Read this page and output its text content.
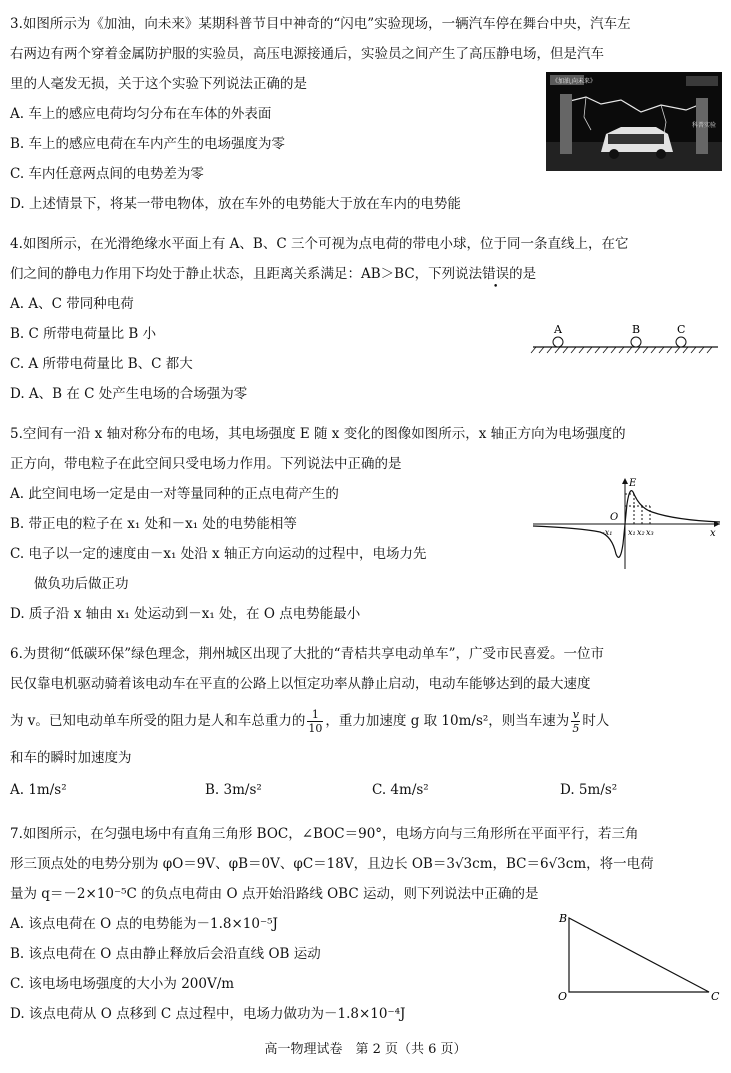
3.如图所示为《加油，向未来》某期科普节目中神奇的“闪电”实验现场，一辆汽车停在舞台中央，汽车左
右两边有两个穿着金属防护服的实验员，高压电源接通后，实验员之间产生了高压静电场，但是汽车
里的人毫发无损，关于这个实验下列说法正确的是
A. 车上的感应电荷均匀分布在车体的外表面
B. 车上的感应电荷在车内产生的电场强度为零
C. 车内任意两点间的电势差为零
D. 上述情景下，将某一带电物体，放在车外的电势能大于放在车内的电势能
《加油,向未来》
科普实验
4.如图所示，在光滑绝缘水平面上有 A、B、C 三个可视为点电荷的带电小球，位于同一条直线上，在它
们之间的静电力作用下均处于静止状态，且距离关系满足：AB＞BC，下列说法错误的是
A. A、C 带同种电荷
B. C 所带电荷量比 B 小
C. A 所带电荷量比 B、C 都大
D. A、B 在 C 处产生电场的合场强为零
A	B	C
5.空间有一沿 x 轴对称分布的电场，其电场强度 E 随 x 变化的图像如图所示，x 轴正方向为电场强度的
正方向，带电粒子在此空间只受电场力作用。下列说法中正确的是
A. 此空间电场一定是由一对等量同种的正点电荷产生的
B. 带正电的粒子在 x₁ 处和－x₁ 处的电势能相等
C. 电子以一定的速度由－x₁ 处沿 x 轴正方向运动的过程中，电场力先
做负功后做正功
D. 质子沿 x 轴由 x₁ 处运动到－x₁ 处，在 O 点电势能最小
E
O
x
x₁ x₂ x₃
-x₁
6.为贯彻“低碳环保”绿色理念，荆州城区出现了大批的“青桔共享电动单车”，广受市民喜爱。一位市
民仅靠电机驱动骑着该电动车在平直的公路上以恒定功率从静止启动，电动车能够达到的最大速度
为 v。已知电动单车所受的阻力是人和车总重力的 $\frac{1}{10}$ ，重力加速度 g 取 10m/s²，则当车速为 $\frac{v}{5}$ 时人
和车的瞬时加速度为
A. 1m/s²	B. 3m/s²	C. 4m/s²	D. 5m/s²
7.如图所示，在匀强电场中有直角三角形 BOC，∠BOC＝90°，电场方向与三角形所在平面平行，若三角
形三顶点处的电势分别为 φO＝9V、φB＝0V、φC＝18V，且边长 OB＝3√3cm，BC＝6√3cm，将一电荷
量为 q＝－2×10⁻⁵C 的负点电荷由 O 点开始沿路线 OBC 运动，则下列说法中正确的是
A. 该点电荷在 O 点的电势能为－1.8×10⁻⁵J
B. 该点电荷在 O 点由静止释放后会沿直线 OB 运动
C. 该电场电场强度的大小为 200V/m
D. 该点电荷从 O 点移到 C 点过程中，电场力做功为－1.8×10⁻⁴J
B
O	C
高一物理试卷　第 2 页（共 6 页）
